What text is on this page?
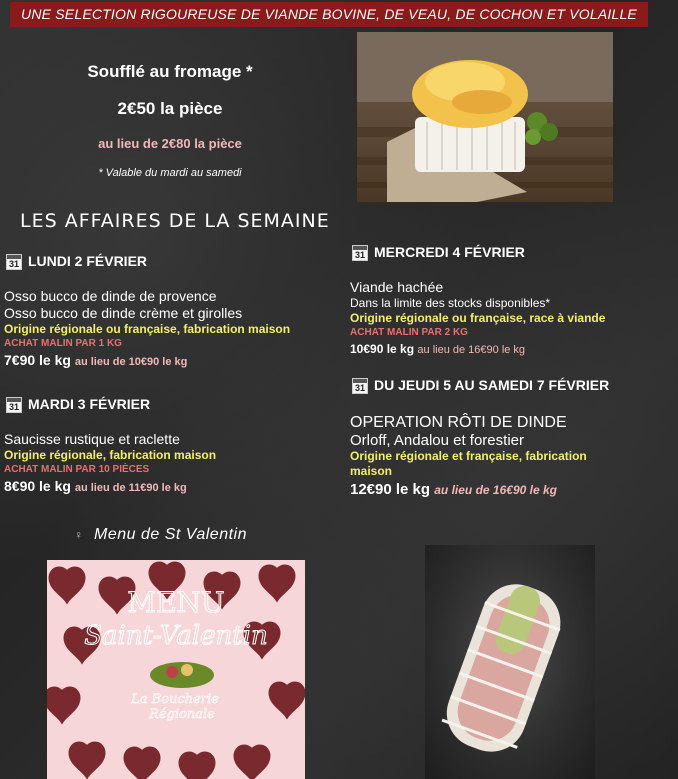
UNE SELECTION RIGOUREUSE DE VIANDE BOVINE, DE VEAU, DE COCHON ET VOLAILLE
Soufflé au fromage *
2€50 la pièce
au lieu de 2€80 la pièce
* Valable du mardi au samedi
LES AFFAIRES DE LA SEMAINE
31 LUNDI 2 FÉVRIER
Osso bucco de dinde de provence
Osso bucco de dinde crème et girolles
Origine régionale ou française, fabrication maison
ACHAT MALIN PAR 1 KG
7€90 le kg au lieu de 10€90 le kg
31 MARDI 3 FÉVRIER
Saucisse rustique et raclette
Origine régionale, fabrication maison
ACHAT MALIN PAR 10 PIÈCES
8€90 le kg au lieu de 11€90 le kg
31 MERCREDI 4 FÉVRIER
Viande hachée
Dans la limite des stocks disponibles*
Origine régionale ou française, race à viande
ACHAT MALIN PAR 2 KG
10€90 le kg au lieu de 16€90 le kg
31 DU JEUDI 5 AU SAMEDI 7 FÉVRIER
OPERATION RÔTI DE DINDE
Orloff, Andalou et forestier
Origine régionale et française, fabrication
maison
12€90 le kg au lieu de 16€90 le kg
♀ Menu de St Valentin
MENU
Saint-Valentin
La Boucherie
Régionale
